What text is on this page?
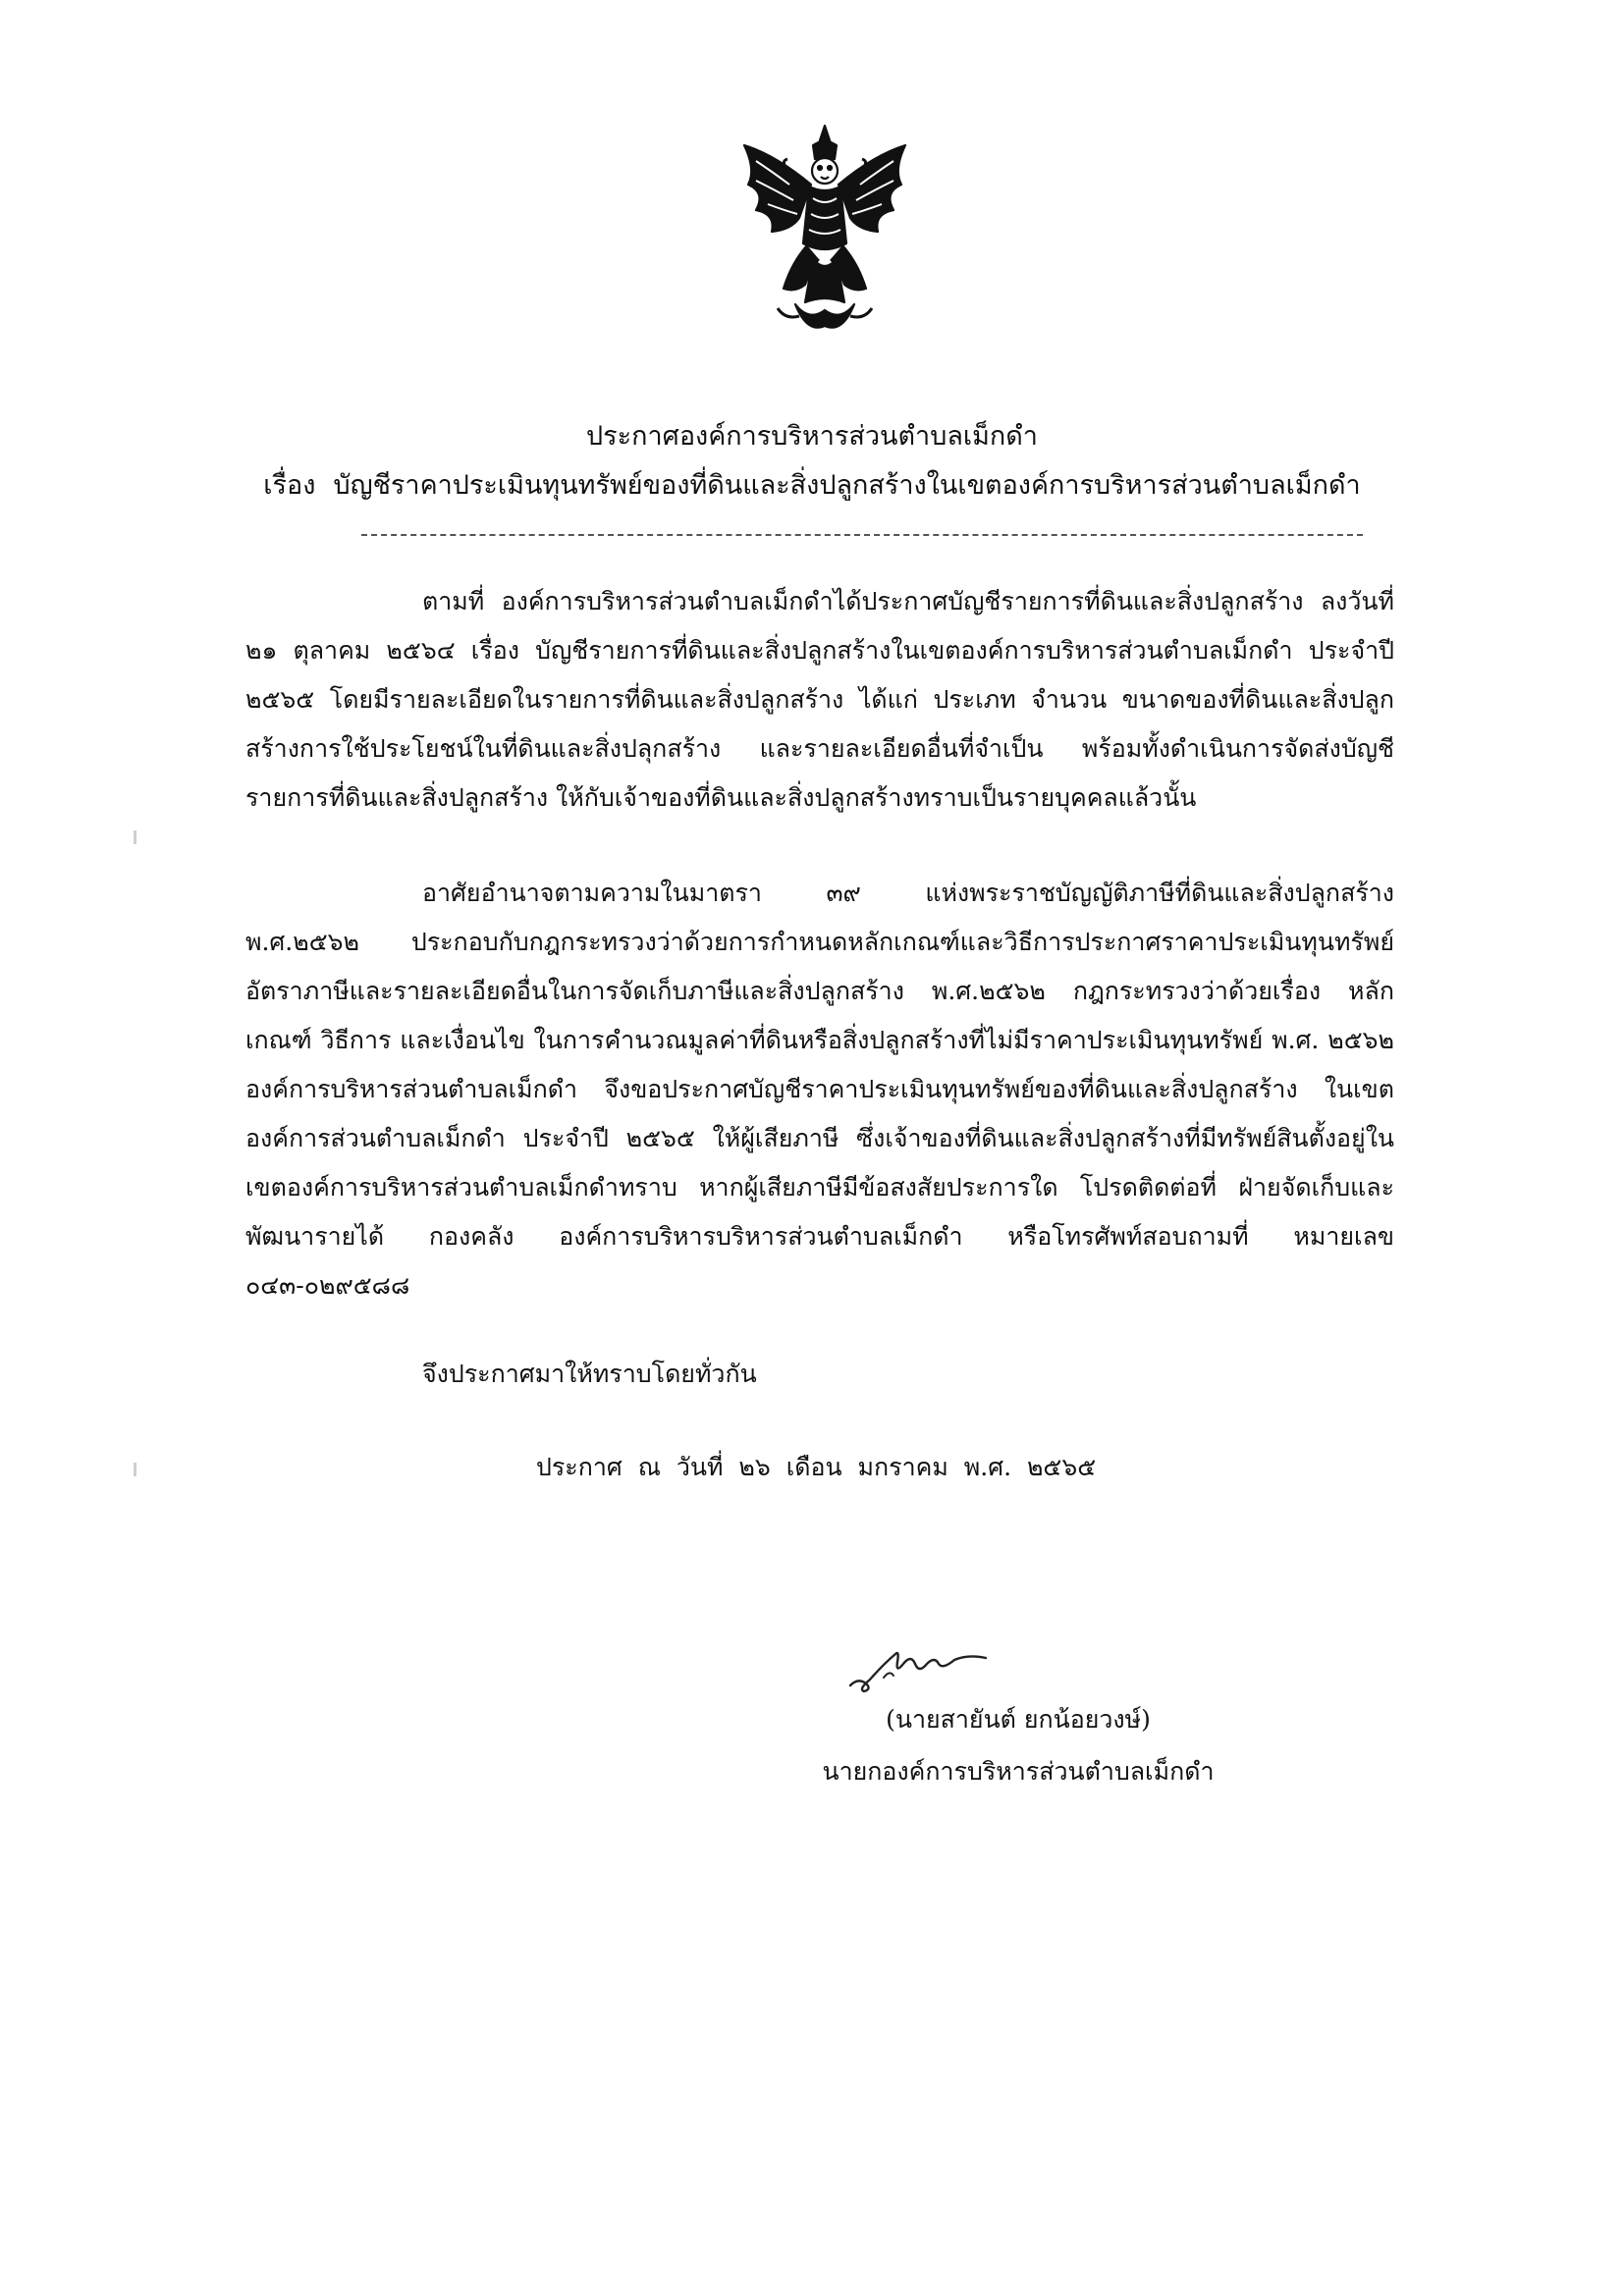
ประกาศองค์การบริหารส่วนตำบลเม็กดำ
เรื่อง บัญชีราคาประเมินทุนทรัพย์ของที่ดินและสิ่งปลูกสร้างในเขตองค์การบริหารส่วนตำบลเม็กดำ

ตามที่ องค์การบริหารส่วนตำบลเม็กดำได้ประกาศบัญชีรายการที่ดินและสิ่งปลูกสร้าง ลงวันที่ ๒๑ ตุลาคม ๒๕๖๔ เรื่อง บัญชีรายการที่ดินและสิ่งปลูกสร้างในเขตองค์การบริหารส่วนตำบลเม็กดำ ประจำปี ๒๕๖๕ โดยมีรายละเอียดในรายการที่ดินและสิ่งปลูกสร้าง ได้แก่ ประเภท จำนวน ขนาดของที่ดินและสิ่งปลูกสร้างการใช้ประโยชน์ในที่ดินและสิ่งปลุกสร้าง และรายละเอียดอื่นที่จำเป็น พร้อมทั้งดำเนินการจัดส่งบัญชีรายการที่ดินและสิ่งปลูกสร้าง ให้กับเจ้าของที่ดินและสิ่งปลูกสร้างทราบเป็นรายบุคคลแล้วนั้น

อาศัยอำนาจตามความในมาตรา ๓๙ แห่งพระราชบัญญัติภาษีที่ดินและสิ่งปลูกสร้าง พ.ศ.๒๕๖๒ ประกอบกับกฎกระทรวงว่าด้วยการกำหนดหลักเกณฑ์และวิธีการประกาศราคาประเมินทุนทรัพย์ อัตราภาษีและรายละเอียดอื่นในการจัดเก็บภาษีและสิ่งปลูกสร้าง พ.ศ.๒๕๖๒ กฎกระทรวงว่าด้วยเรื่อง หลักเกณฑ์ วิธีการ และเงื่อนไข ในการคำนวณมูลค่าที่ดินหรือสิ่งปลูกสร้างที่ไม่มีราคาประเมินทุนทรัพย์ พ.ศ. ๒๕๖๒ องค์การบริหารส่วนตำบลเม็กดำ จึงขอประกาศบัญชีราคาประเมินทุนทรัพย์ของที่ดินและสิ่งปลูกสร้าง ในเขตองค์การส่วนตำบลเม็กดำ ประจำปี ๒๕๖๕ ให้ผู้เสียภาษี ซึ่งเจ้าของที่ดินและสิ่งปลูกสร้างที่มีทรัพย์สินตั้งอยู่ในเขตองค์การบริหารส่วนตำบลเม็กดำทราบ หากผู้เสียภาษีมีข้อสงสัยประการใด โปรดติดต่อที่ ฝ่ายจัดเก็บและพัฒนารายได้ กองคลัง องค์การบริหารบริหารส่วนตำบลเม็กดำ หรือโทรศัพท์สอบถามที่ หมายเลข ๐๔๓-๐๒๙๕๘๘

จึงประกาศมาให้ทราบโดยทั่วกัน
ประกาศ ณ วันที่ ๒๖ เดือน มกราคม พ.ศ. ๒๕๖๕
(นายสายันต์ ยกน้อยวงษ์)
นายกองค์การบริหารส่วนตำบลเม็กดำ
